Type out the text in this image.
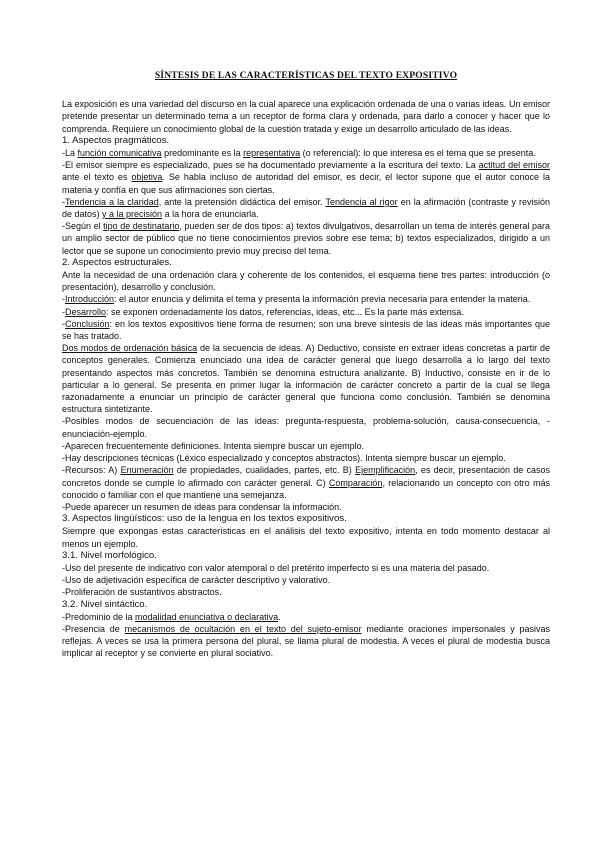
SÍNTESIS DE LAS CARACTERÍSTICAS DEL TEXTO EXPOSITIVO

La exposición es una variedad del discurso en la cual aparece una explicación ordenada de una o varias ideas. Un emisor pretende presentar un determinado tema a un receptor de forma clara y ordenada, para darlo a conocer y hacer que lo comprenda. Requiere un conocimiento global de la cuestión tratada y exige un desarrollo articulado de las ideas.

1. Aspectos pragmáticos.

-La función comunicativa predominante es la representativa (o referencial): lo que interesa es el tema que se presenta.

-El emisor siempre es especializado, pues se ha documentado previamente a la escritura del texto. La actitud del emisor ante el texto es objetiva. Se habla incluso de autoridad del emisor, es decir, el lector supone que el autor conoce la materia y confía en que sus afirmaciones son ciertas.

-Tendencia a la claridad, ante la pretensión didáctica del emisor. Tendencia al rigor en la afirmación (contraste y revisión de datos) y a la precisión a la hora de enunciarla.

-Según el tipo de destinatario, pueden ser de dos tipos: a) textos divulgativos, desarrollan un tema de interés general para un amplio sector de público que no tiene conocimientos previos sobre ese tema; b) textos especializados, dirigido a un lector que se supone un conocimiento previo muy preciso del tema.

2. Aspectos estructurales.

Ante la necesidad de una ordenación clara y coherente de los contenidos, el esquema tiene tres partes: introducción (o presentación), desarrollo y conclusión.

-Introducción: el autor enuncia y delimita el tema y presenta la información previa necesaria para entender la materia.

-Desarrollo: se exponen ordenadamente los datos, referencias, ideas, etc... Es la parte más extensa.

-Conclusión: en los textos expositivos tiene forma de resumen; son una breve síntesis de las ideas más importantes que se has tratado.

Dos modos de ordenación básica de la secuencia de ideas. A) Deductivo, consiste en extraer ideas concretas a partir de conceptos generales. Comienza enunciado una idea de carácter general que luego desarrolla a lo largo del texto presentando aspectos más concretos. También se denomina estructura analizante. B) Inductivo, consiste en ir de lo particular a lo general. Se presenta en primer lugar la información de carácter concreto a partir de la cual se llega razonadamente a enunciar un principio de carácter general que funciona como conclusión. También se denomina estructura sintetizante.

-Posibles modos de secuenciación de las ideas: pregunta-respuesta, problema-solución, causa-consecuencia, -enunciación-ejemplo.

-Aparecen frecuentemente definiciones. Intenta siempre buscar un ejemplo.

-Hay descripciones técnicas (Léxico especializado y conceptos abstractos). Intenta siempre buscar un ejemplo.

-Recursos: A) Enumeración de propiedades, cualidades, partes, etc. B) Ejemplificación, es decir, presentación de casos concretos donde se cumple lo afirmado con carácter general. C) Comparación, relacionando un concepto con otro más conocido o familiar con el que mantiene una semejanza.

-Puede aparecer un resumen de ideas para condensar la información.

3. Aspectos lingüísticos: uso de la lengua en los textos expositivos.

Siempre que expongas estas características en el análisis del texto expositivo, intenta en todo momento destacar al menos un ejemplo.

3.1. Nivel morfológico.

-Uso del presente de indicativo con valor atemporal o del pretérito imperfecto si es una materia del pasado.

-Uso de adjetivación específica de carácter descriptivo y valorativo.

-Proliferación de sustantivos abstractos.

3.2. Nivel sintáctico.

-Predominio de la modalidad enunciativa o declarativa.

-Presencia de mecanismos de ocultación en el texto del sujeto-emisor mediante oraciones impersonales y pasivas reflejas. A veces se usa la primera persona del plural, se llama plural de modestia. A veces el plural de modestia busca implicar al receptor y se convierte en plural sociativo.
